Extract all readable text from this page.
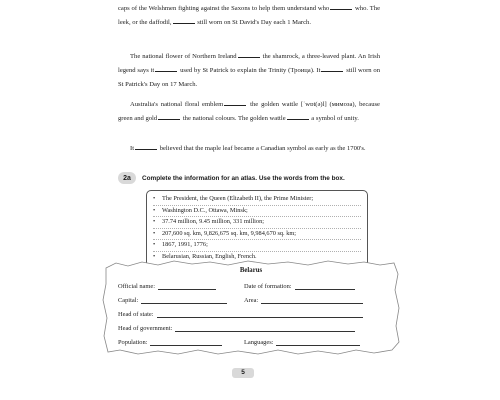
caps of the Welshmen fighting against the Saxons to help them understand who	who. The leek, or the daffodil,	still worn on St David's Day each 1 March.
The national flower of Northern Ireland	the shamrock, a three-leaved plant. An Irish legend says it	used by St Patrick to explain the Trinity (Троица). It	still worn on St Patrick's Day on 17 March.
Australia's national floral emblem	the golden wattle [ˈwɒt(ə)l] (мимоза), because green and gold	the national colours. The golden wattle	a symbol of unity.
It	believed that the maple leaf became a Canadian symbol as early as the 1700's.
2a	Complete the information for an atlas. Use the words from the box.
• The President, the Queen (Elizabeth II), the Prime Minister;
• Washington D.C., Ottawa, Minsk;
• 37.74 million, 9.45 million, 331 million;
• 207,600 sq. km, 9,826,675 sq. km, 9,984,670 sq. km;
• 1867, 1991, 1776;
• Belarusian, Russian, English, French.
Belarus
Official name:	Date of formation:
Capital:	Area:
Head of state:
Head of government:
Population:	Languages:
5
